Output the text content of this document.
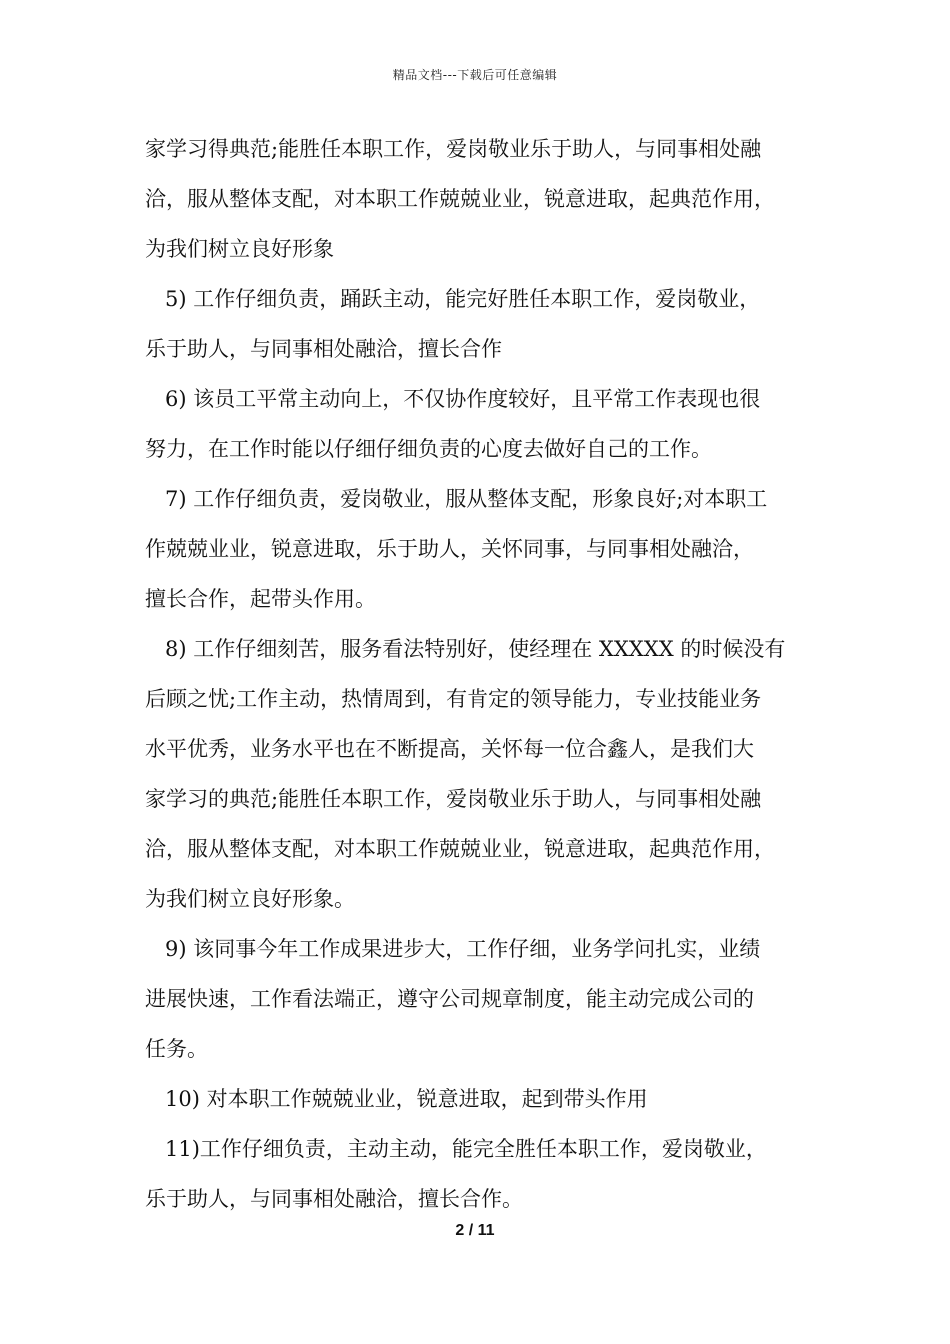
精品文档---下载后可任意编辑
家学习得典范;能胜任本职工作，爱岗敬业乐于助人，与同事相处融
洽，服从整体支配，对本职工作兢兢业业，锐意进取，起典范作用，
为我们树立良好形象
5) 工作仔细负责，踊跃主动，能完好胜任本职工作，爱岗敬业，
乐于助人，与同事相处融洽，擅长合作
6) 该员工平常主动向上，不仅协作度较好，且平常工作表现也很
努力，在工作时能以仔细仔细负责的心度去做好自己的工作。
7) 工作仔细负责，爱岗敬业，服从整体支配，形象良好;对本职工
作兢兢业业，锐意进取，乐于助人，关怀同事，与同事相处融洽，
擅长合作，起带头作用。
8) 工作仔细刻苦，服务看法特别好，使经理在 XXXXX 的时候没有
后顾之忧;工作主动，热情周到，有肯定的领导能力，专业技能业务
水平优秀，业务水平也在不断提高，关怀每一位合鑫人，是我们大
家学习的典范;能胜任本职工作，爱岗敬业乐于助人，与同事相处融
洽，服从整体支配，对本职工作兢兢业业，锐意进取，起典范作用，
为我们树立良好形象。
9) 该同事今年工作成果进步大，工作仔细，业务学问扎实，业绩
进展快速，工作看法端正，遵守公司规章制度，能主动完成公司的
任务。
10) 对本职工作兢兢业业，锐意进取，起到带头作用
11)工作仔细负责，主动主动，能完全胜任本职工作，爱岗敬业，
乐于助人，与同事相处融洽，擅长合作。
2 / 11
